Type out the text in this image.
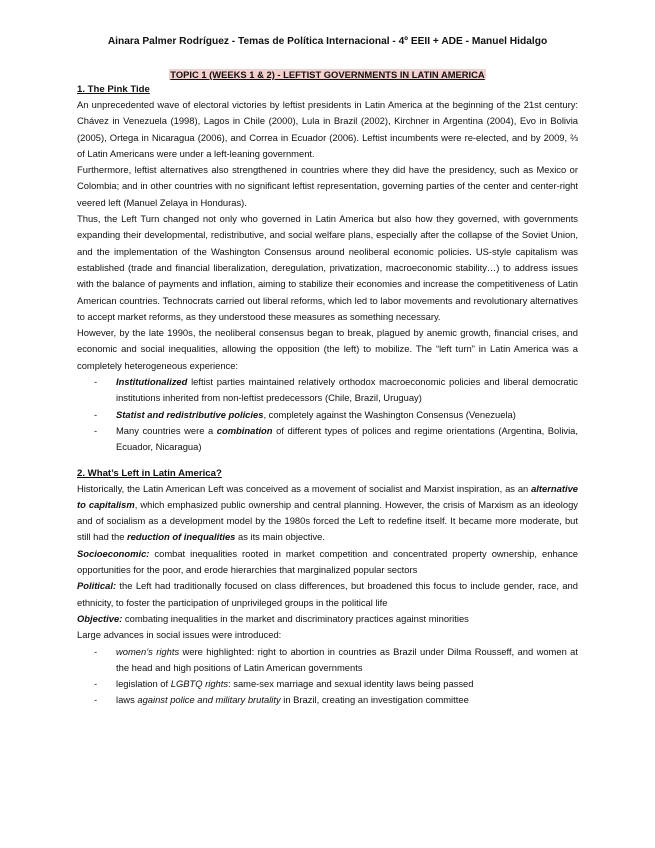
Ainara Palmer Rodríguez - Temas de Política Internacional - 4º EEII + ADE - Manuel Hidalgo
TOPIC 1 (WEEKS 1 & 2) - LEFTIST GOVERNMENTS IN LATIN AMERICA
1. The Pink Tide

An unprecedented wave of electoral victories by leftist presidents in Latin America at the beginning of the 21st century: Chávez in Venezuela (1998), Lagos in Chile (2000), Lula in Brazil (2002), Kirchner in Argentina (2004), Evo in Bolivia (2005), Ortega in Nicaragua (2006), and Correa in Ecuador (2006). Leftist incumbents were re-elected, and by 2009, ⅔ of Latin Americans were under a left-leaning government.

Furthermore, leftist alternatives also strengthened in countries where they did have the presidency, such as Mexico or Colombia; and in other countries with no significant leftist representation, governing parties of the center and center-right veered left (Manuel Zelaya in Honduras).

Thus, the Left Turn changed not only who governed in Latin America but also how they governed, with governments expanding their developmental, redistributive, and social welfare plans, especially after the collapse of the Soviet Union, and the implementation of the Washington Consensus around neoliberal economic policies. US-style capitalism was established (trade and financial liberalization, deregulation, privatization, macroeconomic stability…) to address issues with the balance of payments and inflation, aiming to stabilize their economies and increase the competitiveness of Latin American countries. Technocrats carried out liberal reforms, which led to labor movements and revolutionary alternatives to accept market reforms, as they understood these measures as something necessary.

However, by the late 1990s, the neoliberal consensus began to break, plagued by anemic growth, financial crises, and economic and social inequalities, allowing the opposition (the left) to mobilize. The “left turn” in Latin America was a completely heterogeneous experience:

- Institutionalized leftist parties maintained relatively orthodox macroeconomic policies and liberal democratic institutions inherited from non-leftist predecessors (Chile, Brazil, Uruguay)
- Statist and redistributive policies, completely against the Washington Consensus (Venezuela)
- Many countries were a combination of different types of polices and regime orientations (Argentina, Bolivia, Ecuador, Nicaragua)
2. What’s Left in Latin America?

Historically, the Latin American Left was conceived as a movement of socialist and Marxist inspiration, as an alternative to capitalism, which emphasized public ownership and central planning. However, the crisis of Marxism as an ideology and of socialism as a development model by the 1980s forced the Left to redefine itself. It became more moderate, but still had the reduction of inequalities as its main objective.

Socioeconomic: combat inequalities rooted in market competition and concentrated property ownership, enhance opportunities for the poor, and erode hierarchies that marginalized popular sectors

Political: the Left had traditionally focused on class differences, but broadened this focus to include gender, race, and ethnicity, to foster the participation of unprivileged groups in the political life

Objective: combating inequalities in the market and discriminatory practices against minorities

Large advances in social issues were introduced:

- women’s rights were highlighted: right to abortion in countries as Brazil under Dilma Rousseff, and women at the head and high positions of Latin American governments
- legislation of LGBTQ rights: same-sex marriage and sexual identity laws being passed
- laws against police and military brutality in Brazil, creating an investigation committee
